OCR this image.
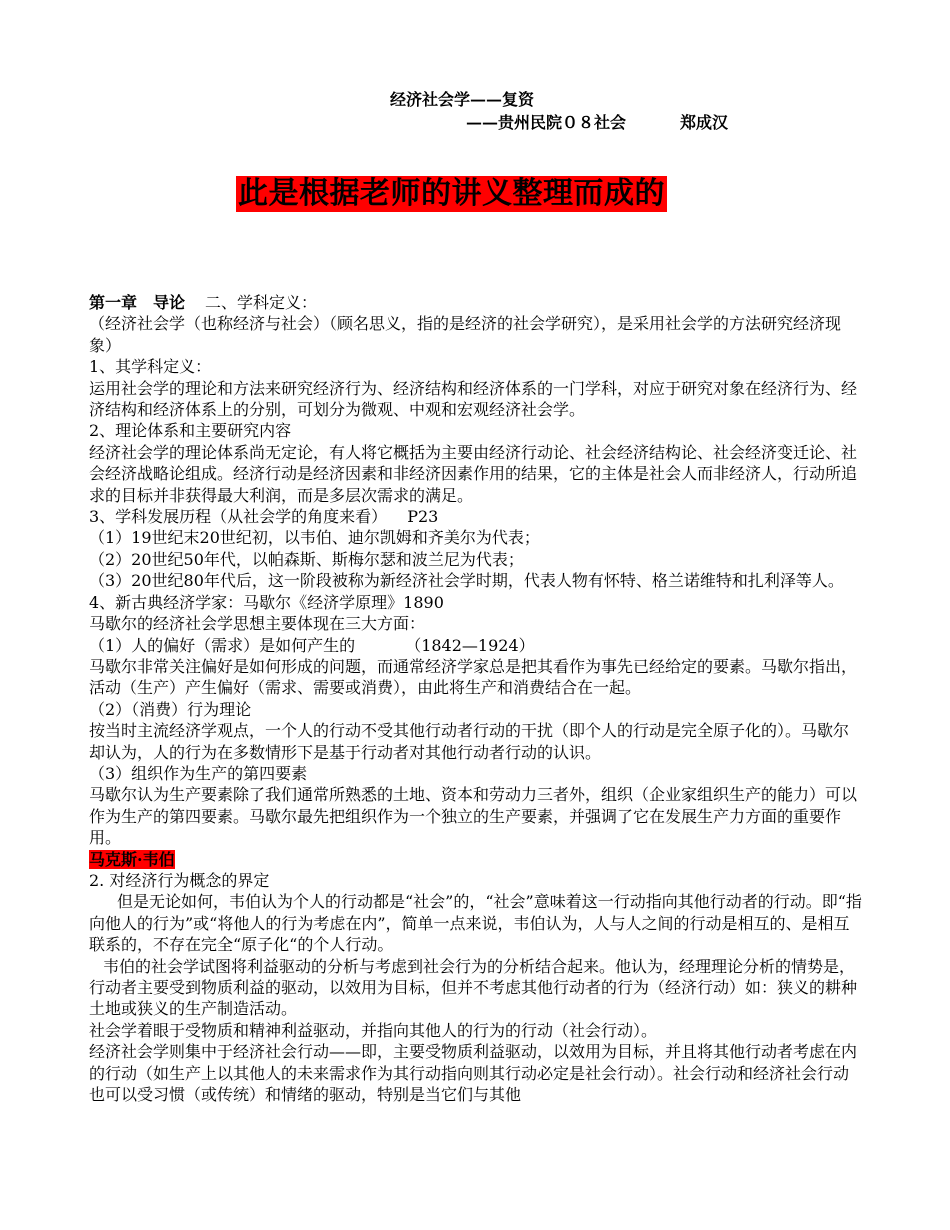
经济社会学——复资
——贵州民院０８社会	郑成汉
此是根据老师的讲义整理而成的

第一章　导论 二、学科定义：

（经济社会学（也称经济与社会）（顾名思义，指的是经济的社会学研究），是采用社会学的方法研究经济现象）

1、其学科定义：

运用社会学的理论和方法来研究经济行为、经济结构和经济体系的一门学科，对应于研究对象在经济行为、经济结构和经济体系上的分别，可划分为微观、中观和宏观经济社会学。

2、理论体系和主要研究内容

经济社会学的理论体系尚无定论，有人将它概括为主要由经济行动论、社会经济结构论、社会经济变迁论、社会经济战略论组成。经济行动是经济因素和非经济因素作用的结果，它的主体是社会人而非经济人，行动所追求的目标并非获得最大利润，而是多层次需求的满足。

3、学科发展历程（从社会学的角度来看） P23

（1）19世纪末20世纪初，以韦伯、迪尔凯姆和齐美尔为代表；

（2）20世纪50年代，以帕森斯、斯梅尔瑟和波兰尼为代表；

（3）20世纪80年代后，这一阶段被称为新经济社会学时期，代表人物有怀特、格兰诺维特和扎利泽等人。

4、新古典经济学家：马歇尔《经济学原理》1890

马歇尔的经济社会学思想主要体现在三大方面：

（1）人的偏好（需求）是如何产生的	（1842—1924）

马歇尔非常关注偏好是如何形成的问题，而通常经济学家总是把其看作为事先已经给定的要素。马歇尔指出，活动（生产）产生偏好（需求、需要或消费），由此将生产和消费结合在一起。

（2）（消费）行为理论

按当时主流经济学观点，一个人的行动不受其他行动者行动的干扰（即个人的行动是完全原子化的）。马歇尔却认为，人的行为在多数情形下是基于行动者对其他行动者行动的认识。

（3）组织作为生产的第四要素

马歇尔认为生产要素除了我们通常所熟悉的土地、资本和劳动力三者外，组织（企业家组织生产的能力）可以作为生产的第四要素。马歇尔最先把组织作为一个独立的生产要素，并强调了它在发展生产力方面的重要作用。

马克斯·韦伯

2. 对经济行为概念的界定

但是无论如何，韦伯认为个人的行动都是“社会”的，“社会”意味着这一行动指向其他行动者的行动。即“指向他人的行为”或“将他人的行为考虑在内”，简单一点来说，韦伯认为，人与人之间的行动是相互的、是相互联系的，不存在完全“原子化“的个人行动。

韦伯的社会学试图将利益驱动的分析与考虑到社会行为的分析结合起来。他认为，经理理论分析的情势是，行动者主要受到物质利益的驱动，以效用为目标，但并不考虑其他行动者的行为（经济行动）如：狭义的耕种土地或狭义的生产制造活动。

社会学着眼于受物质和精神利益驱动，并指向其他人的行为的行动（社会行动）。

经济社会学则集中于经济社会行动——即，主要受物质利益驱动，以效用为目标，并且将其他行动者考虑在内的行动（如生产上以其他人的未来需求作为其行动指向则其行动必定是社会行动）。社会行动和经济社会行动也可以受习惯（或传统）和情绪的驱动，特别是当它们与其他
